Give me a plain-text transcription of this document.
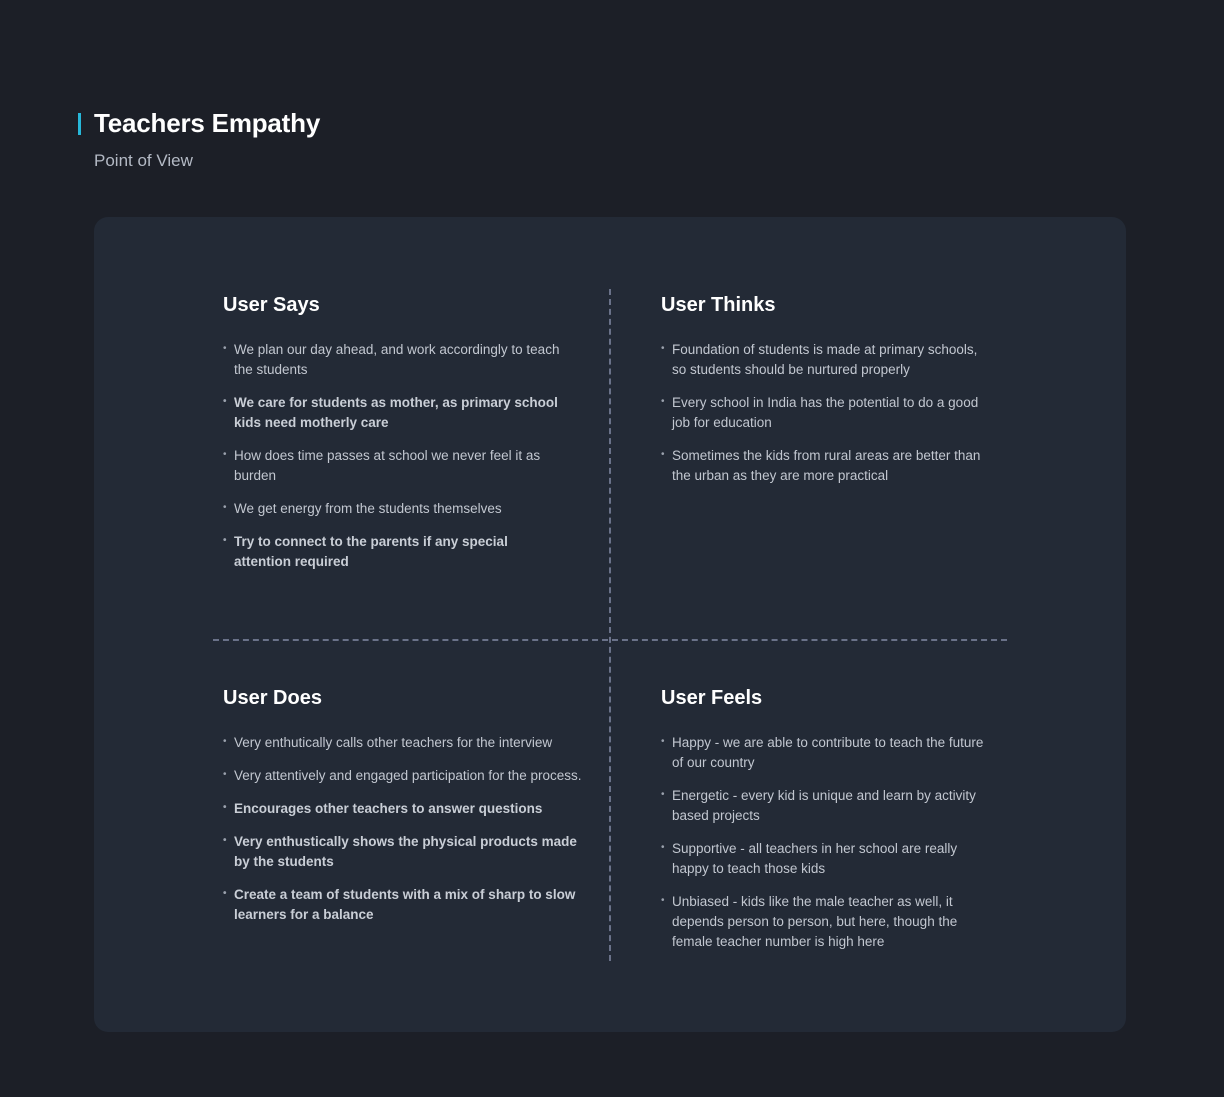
Teachers Empathy
Point of View
User Says
• We plan our day ahead, and work accordingly to teach the students
• We care for students as mother, as primary school kids need motherly care
• How does time passes at school we never feel it as burden
• We get energy from the students themselves
• Try to connect to the parents if any special attention required
User Thinks
• Foundation of students is made at primary schools, so students should be nurtured properly
• Every school in India has the potential to do a good job for education
• Sometimes the kids from rural areas are better than the urban as they are more practical
User Does
• Very enthutically calls other teachers for the interview
• Very attentively and engaged participation for the process.
• Encourages other teachers to answer questions
• Very enthustically shows the physical products made by the students
• Create a team of students with a mix of sharp to slow learners for a balance
User Feels
• Happy - we are able to contribute to teach the future of our country
• Energetic - every kid is unique and learn by activity based projects
• Supportive - all teachers in her school are really happy to teach those kids
• Unbiased - kids like the male teacher as well, it depends person to person, but here, though the female teacher number is high here
